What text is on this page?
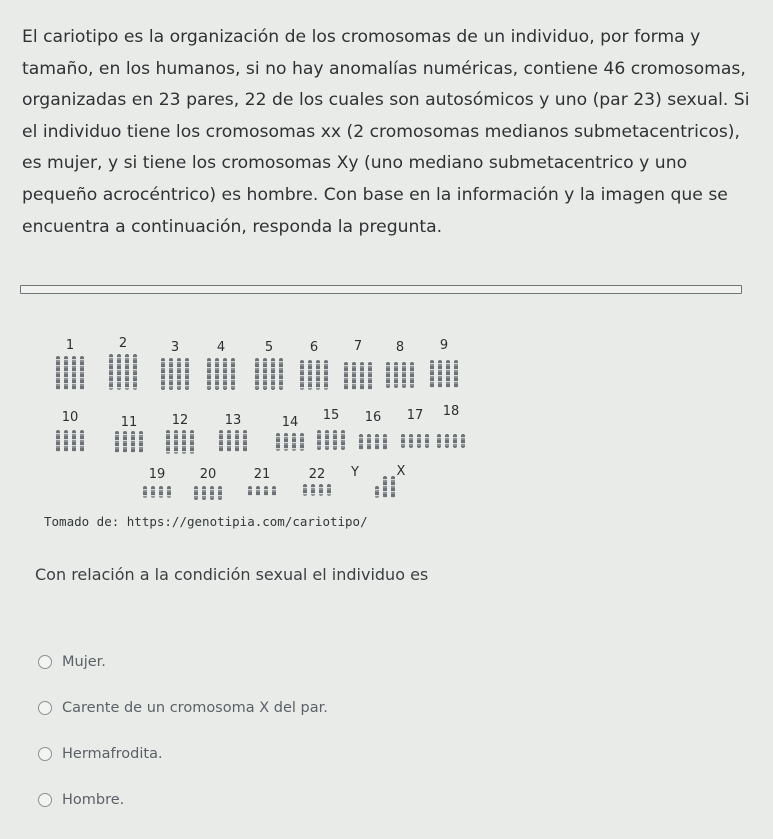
El cariotipo es la organización de los cromosomas de un individuo, por forma y tamaño, en los humanos, si no hay anomalías numéricas, contiene 46 cromosomas, organizadas en 23 pares, 22 de los cuales son autosómicos y uno (par 23) sexual. Si el individuo tiene los cromosomas xx (2 cromosomas medianos submetacentricos), es mujer, y si tiene los cromosomas Xy (uno mediano submetacentrico y uno pequeño acrocéntrico) es hombre. Con base en la información y la imagen que se encuentra a continuación, responda la pregunta.

1	2	3	4	5	6	7	8	9
10	11	12	13	14 15 16 17 18
19	20	21	22 Y	X
Tomado de: https://genotipia.com/cariotipo/
Con relación a la condición sexual el individuo es
Mujer.
Carente de un cromosoma X del par.
Hermafrodita.
Hombre.
